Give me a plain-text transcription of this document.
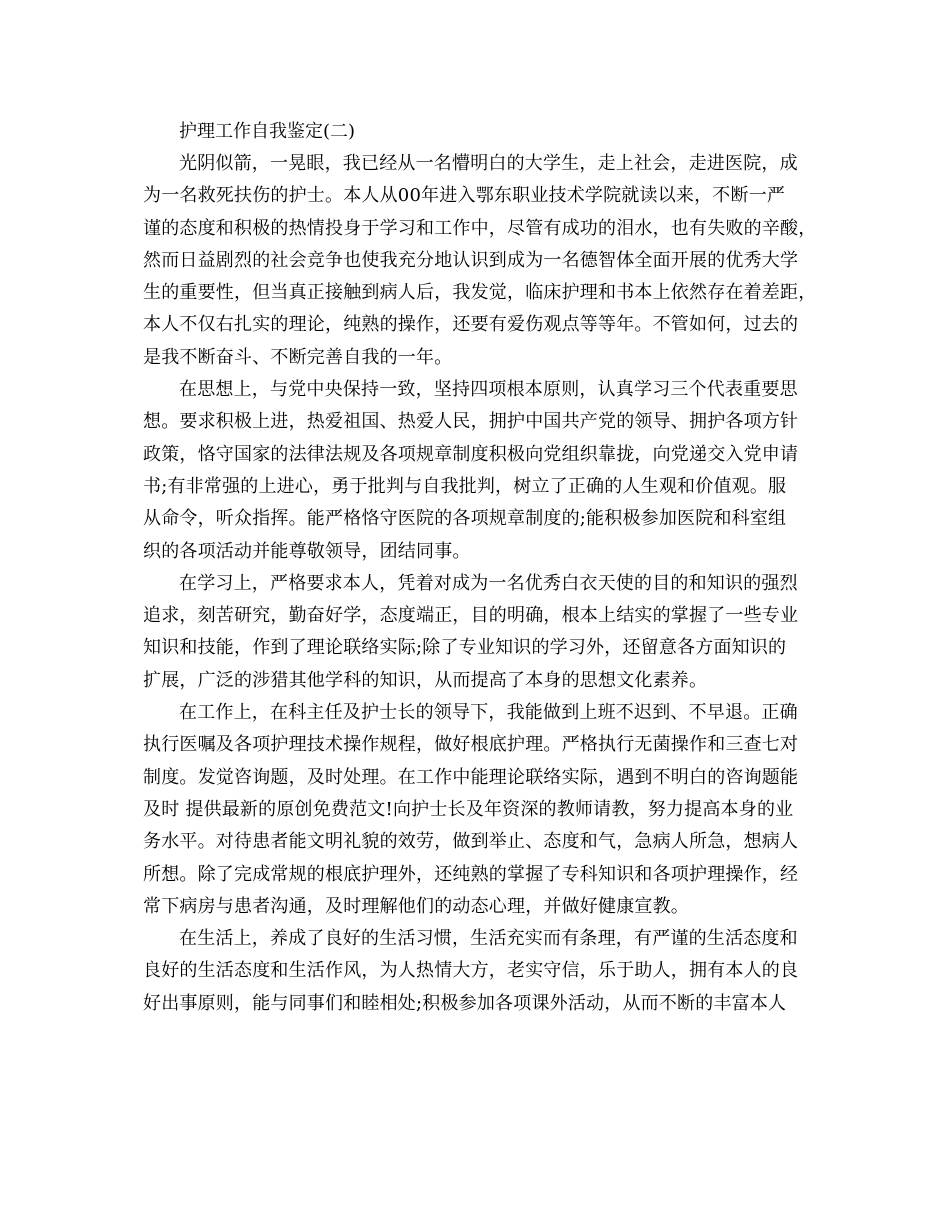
护理工作自我鉴定(二)

光阴似箭，一晃眼，我已经从一名懵明白的大学生，走上社会，走进医院，成
为一名救死扶伤的护士。本人从00年进入鄂东职业技术学院就读以来，不断一严
谨的态度和积极的热情投身于学习和工作中，尽管有成功的泪水，也有失败的辛酸，
然而日益剧烈的社会竞争也使我充分地认识到成为一名德智体全面开展的优秀大学
生的重要性，但当真正接触到病人后，我发觉，临床护理和书本上依然存在着差距，
本人不仅右扎实的理论，纯熟的操作，还要有爱伤观点等等年。不管如何，过去的
是我不断奋斗、不断完善自我的一年。

在思想上，与党中央保持一致，坚持四项根本原则，认真学习三个代表重要思
想。要求积极上进，热爱祖国、热爱人民，拥护中国共产党的领导、拥护各项方针
政策，恪守国家的法律法规及各项规章制度积极向党组织靠拢，向党递交入党申请
书;有非常强的上进心，勇于批判与自我批判，树立了正确的人生观和价值观。服
从命令，听众指挥。能严格恪守医院的各项规章制度的;能积极参加医院和科室组
织的各项活动并能尊敬领导，团结同事。

在学习上，严格要求本人，凭着对成为一名优秀白衣天使的目的和知识的强烈
追求，刻苦研究，勤奋好学，态度端正，目的明确，根本上结实的掌握了一些专业
知识和技能，作到了理论联络实际;除了专业知识的学习外，还留意各方面知识的
扩展，广泛的涉猎其他学科的知识，从而提高了本身的思想文化素养。

在工作上，在科主任及护士长的领导下，我能做到上班不迟到、不早退。正确
执行医嘱及各项护理技术操作规程，做好根底护理。严格执行无菌操作和三查七对
制度。发觉咨询题，及时处理。在工作中能理论联络实际，遇到不明白的咨询题能
及时 提供最新的原创免费范文!向护士长及年资深的教师请教，努力提高本身的业
务水平。对待患者能文明礼貌的效劳，做到举止、态度和气，急病人所急，想病人
所想。除了完成常规的根底护理外，还纯熟的掌握了专科知识和各项护理操作，经
常下病房与患者沟通，及时理解他们的动态心理，并做好健康宣教。

在生活上，养成了良好的生活习惯，生活充实而有条理，有严谨的生活态度和
良好的生活态度和生活作风，为人热情大方，老实守信，乐于助人，拥有本人的良
好出事原则，能与同事们和睦相处;积极参加各项课外活动，从而不断的丰富本人
